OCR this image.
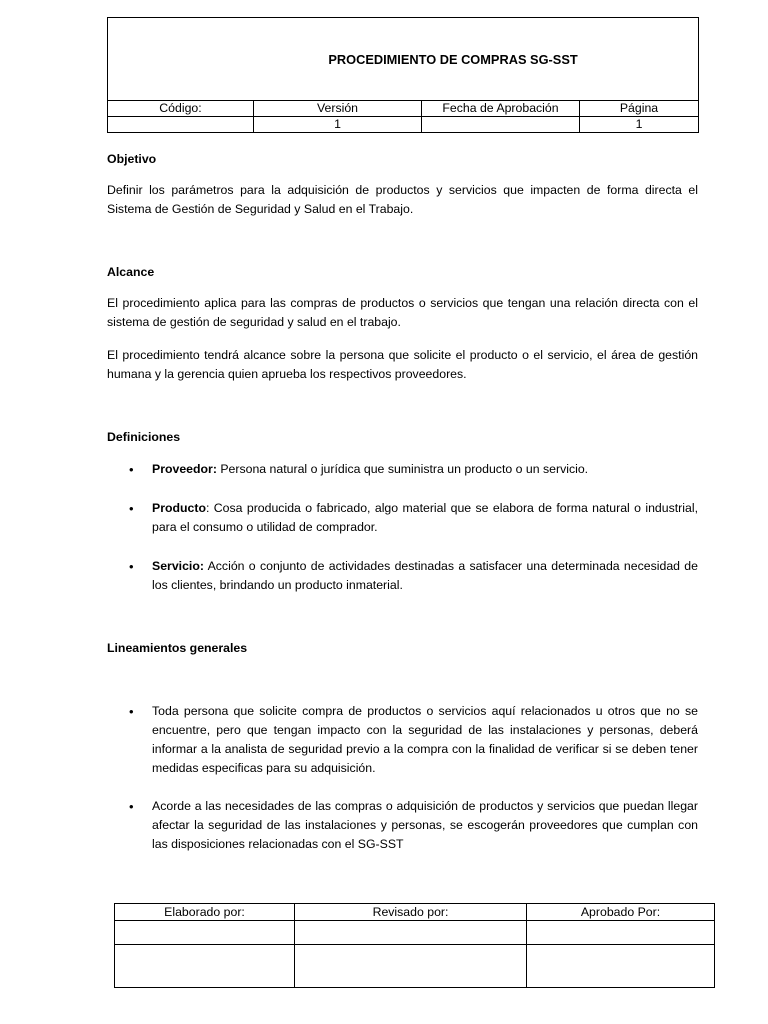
PROCEDIMIENTO DE COMPRAS SG-SST			
Código:	Versión	Fecha de Aprobación	Página
	1		1
Objetivo

Definir los parámetros para la adquisición de productos y servicios que impacten de forma directa el Sistema de Gestión de Seguridad y Salud en el Trabajo.

Alcance

El procedimiento aplica para las compras de productos o servicios que tengan una relación directa con el sistema de gestión de seguridad y salud en el trabajo.

El procedimiento tendrá alcance sobre la persona que solicite el producto o el servicio, el área de gestión humana y la gerencia quien aprueba los respectivos proveedores.

Definiciones
• Proveedor: Persona natural o jurídica que suministra un producto o un servicio.
• Producto: Cosa producida o fabricado, algo material que se elabora de forma natural o industrial, para el consumo o utilidad de comprador.
• Servicio: Acción o conjunto de actividades destinadas a satisfacer una determinada necesidad de los clientes, brindando un producto inmaterial.
Lineamientos generales
• Toda persona que solicite compra de productos o servicios aquí relacionados u otros que no se encuentre, pero que tengan impacto con la seguridad de las instalaciones y personas, deberá informar a la analista de seguridad previo a la compra con la finalidad de verificar si se deben tener medidas especificas para su adquisición.
• Acorde a las necesidades de las compras o adquisición de productos y servicios que puedan llegar afectar la seguridad de las instalaciones y personas, se escogerán proveedores que cumplan con las disposiciones relacionadas con el SG-SST
Elaborado por:	Revisado por:	Aprobado Por:
